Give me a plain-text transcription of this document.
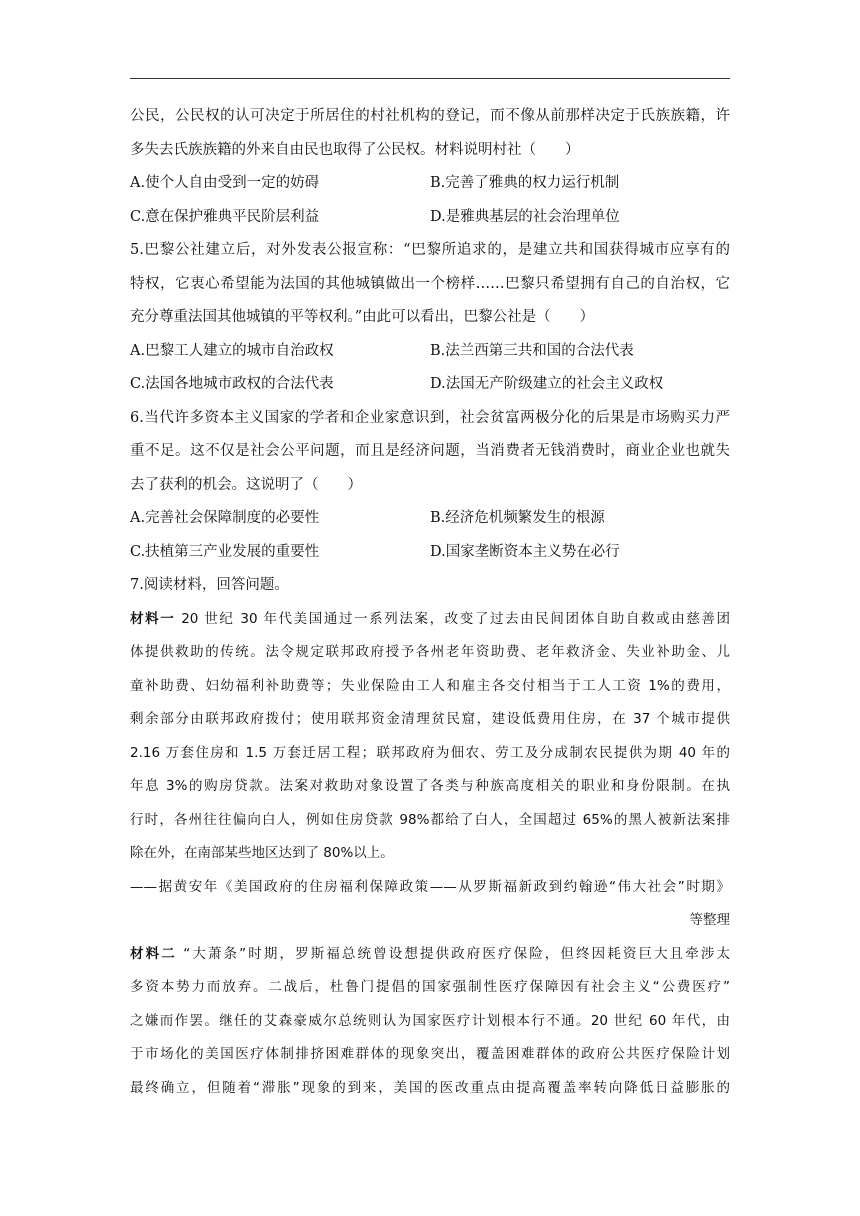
公民，公民权的认可决定于所居住的村社机构的登记，而不像从前那样决定于氏族族籍，许
多失去氏族族籍的外来自由民也取得了公民权。材料说明村社（　　）
A.使个人自由受到一定的妨碍	B.完善了雅典的权力运行机制
C.意在保护雅典平民阶层利益	D.是雅典基层的社会治理单位
5.巴黎公社建立后，对外发表公报宣称：“巴黎所追求的，是建立共和国获得城市应享有的
特权，它衷心希望能为法国的其他城镇做出一个榜样……巴黎只希望拥有自己的自治权，它
充分尊重法国其他城镇的平等权利。”由此可以看出，巴黎公社是（　　）
A.巴黎工人建立的城市自治政权	B.法兰西第三共和国的合法代表
C.法国各地城市政权的合法代表	D.法国无产阶级建立的社会主义政权
6.当代许多资本主义国家的学者和企业家意识到，社会贫富两极分化的后果是市场购买力严
重不足。这不仅是社会公平问题，而且是经济问题，当消费者无钱消费时，商业企业也就失
去了获利的机会。这说明了（　　）
A.完善社会保障制度的必要性	B.经济危机频繁发生的根源
C.扶植第三产业发展的重要性	D.国家垄断资本主义势在必行
7.阅读材料，回答问题。
材料一 20 世纪 30 年代美国通过一系列法案，改变了过去由民间团体自助自救或由慈善团
体提供救助的传统。法令规定联邦政府授予各州老年资助费、老年救济金、失业补助金、儿
童补助费、妇幼福利补助费等；失业保险由工人和雇主各交付相当于工人工资 1%的费用，
剩余部分由联邦政府拨付；使用联邦资金清理贫民窟，建设低费用住房，在 37 个城市提供
2.16 万套住房和 1.5 万套迁居工程；联邦政府为佃农、劳工及分成制农民提供为期 40 年的
年息 3%的购房贷款。法案对救助对象设置了各类与种族高度相关的职业和身份限制。在执
行时，各州往往偏向白人，例如住房贷款 98%都给了白人，全国超过 65%的黑人被新法案排
除在外，在南部某些地区达到了 80%以上。
——据黄安年《美国政府的住房福利保障政策——从罗斯福新政到约翰逊“伟大社会”时期》
等整理
材料二 “大萧条”时期，罗斯福总统曾设想提供政府医疗保险，但终因耗资巨大且牵涉太
多资本势力而放弃。二战后，杜鲁门提倡的国家强制性医疗保障因有社会主义“公费医疗”
之嫌而作罢。继任的艾森豪威尔总统则认为国家医疗计划根本行不通。20 世纪 60 年代，由
于市场化的美国医疗体制排挤困难群体的现象突出，覆盖困难群体的政府公共医疗保险计划
最终确立，但随着“滞胀”现象的到来，美国的医改重点由提高覆盖率转向降低日益膨胀的
